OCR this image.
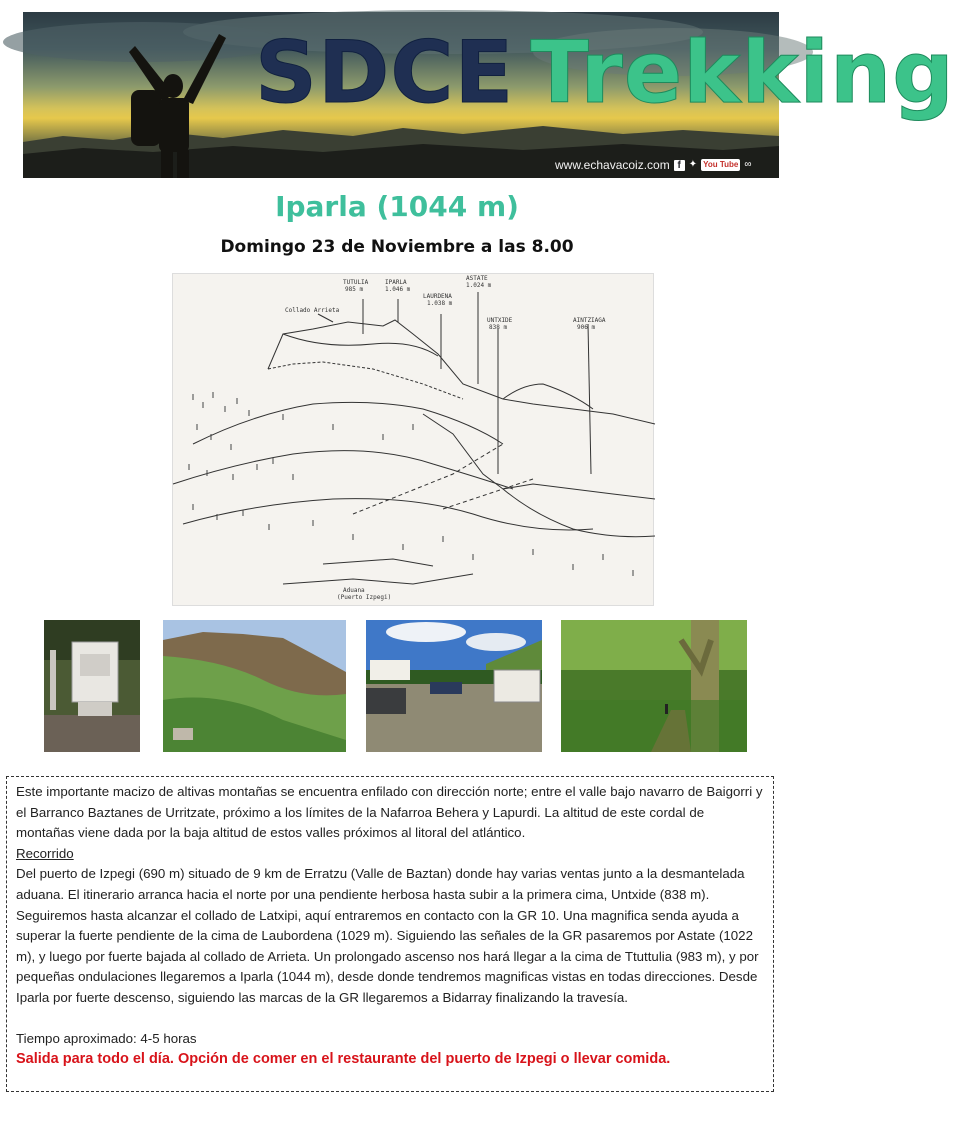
SDCE Trekking
www.echavacoiz.com f ✦ You Tube ∞
Iparla (1044 m)
Domingo 23 de Noviembre a las 8.00
TUTULIA
985 m
IPARLA
1.046 m
ASTATE
1.024 m
LAURDENA
1.038 m
UNTXIDE
838 m
AINTZIAGA
906 m
Collado Arrieta
Aduana
(Puerto Izpegi)

Este importante macizo de altivas montañas se encuentra enfilado con dirección norte; entre el valle bajo navarro de Baigorri y el Barranco Baztanes de Urritzate, próximo a los límites de la Nafarroa Behera y Lapurdi. La altitud de este cordal de montañas viene dada por la baja altitud de estos valles próximos al litoral del atlántico.

Recorrido

Del puerto de Izpegi (690 m) situado de 9 km de Erratzu (Valle de Baztan) donde hay varias ventas junto a la desmantelada aduana. El itinerario arranca hacia el norte por una pendiente herbosa hasta subir a la primera cima, Untxide (838 m). Seguiremos hasta alcanzar el collado de Latxipi, aquí entraremos en contacto con la GR 10. Una magnifica senda ayuda a superar la fuerte pendiente de la cima de Laubordena (1029 m). Siguiendo las señales de la GR pasaremos por Astate (1022 m), y luego por fuerte bajada al collado de Arrieta. Un prolongado ascenso nos hará llegar a la cima de Ttuttulia (983 m), y por pequeñas ondulaciones llegaremos a Iparla (1044 m), desde donde tendremos magnificas vistas en todas direcciones. Desde Iparla por fuerte descenso, siguiendo las marcas de la GR llegaremos a Bidarray finalizando la travesía.

Tiempo aproximado: 4-5 horas

Salida para todo el día. Opción de comer en el restaurante del puerto de Izpegi o llevar comida.
